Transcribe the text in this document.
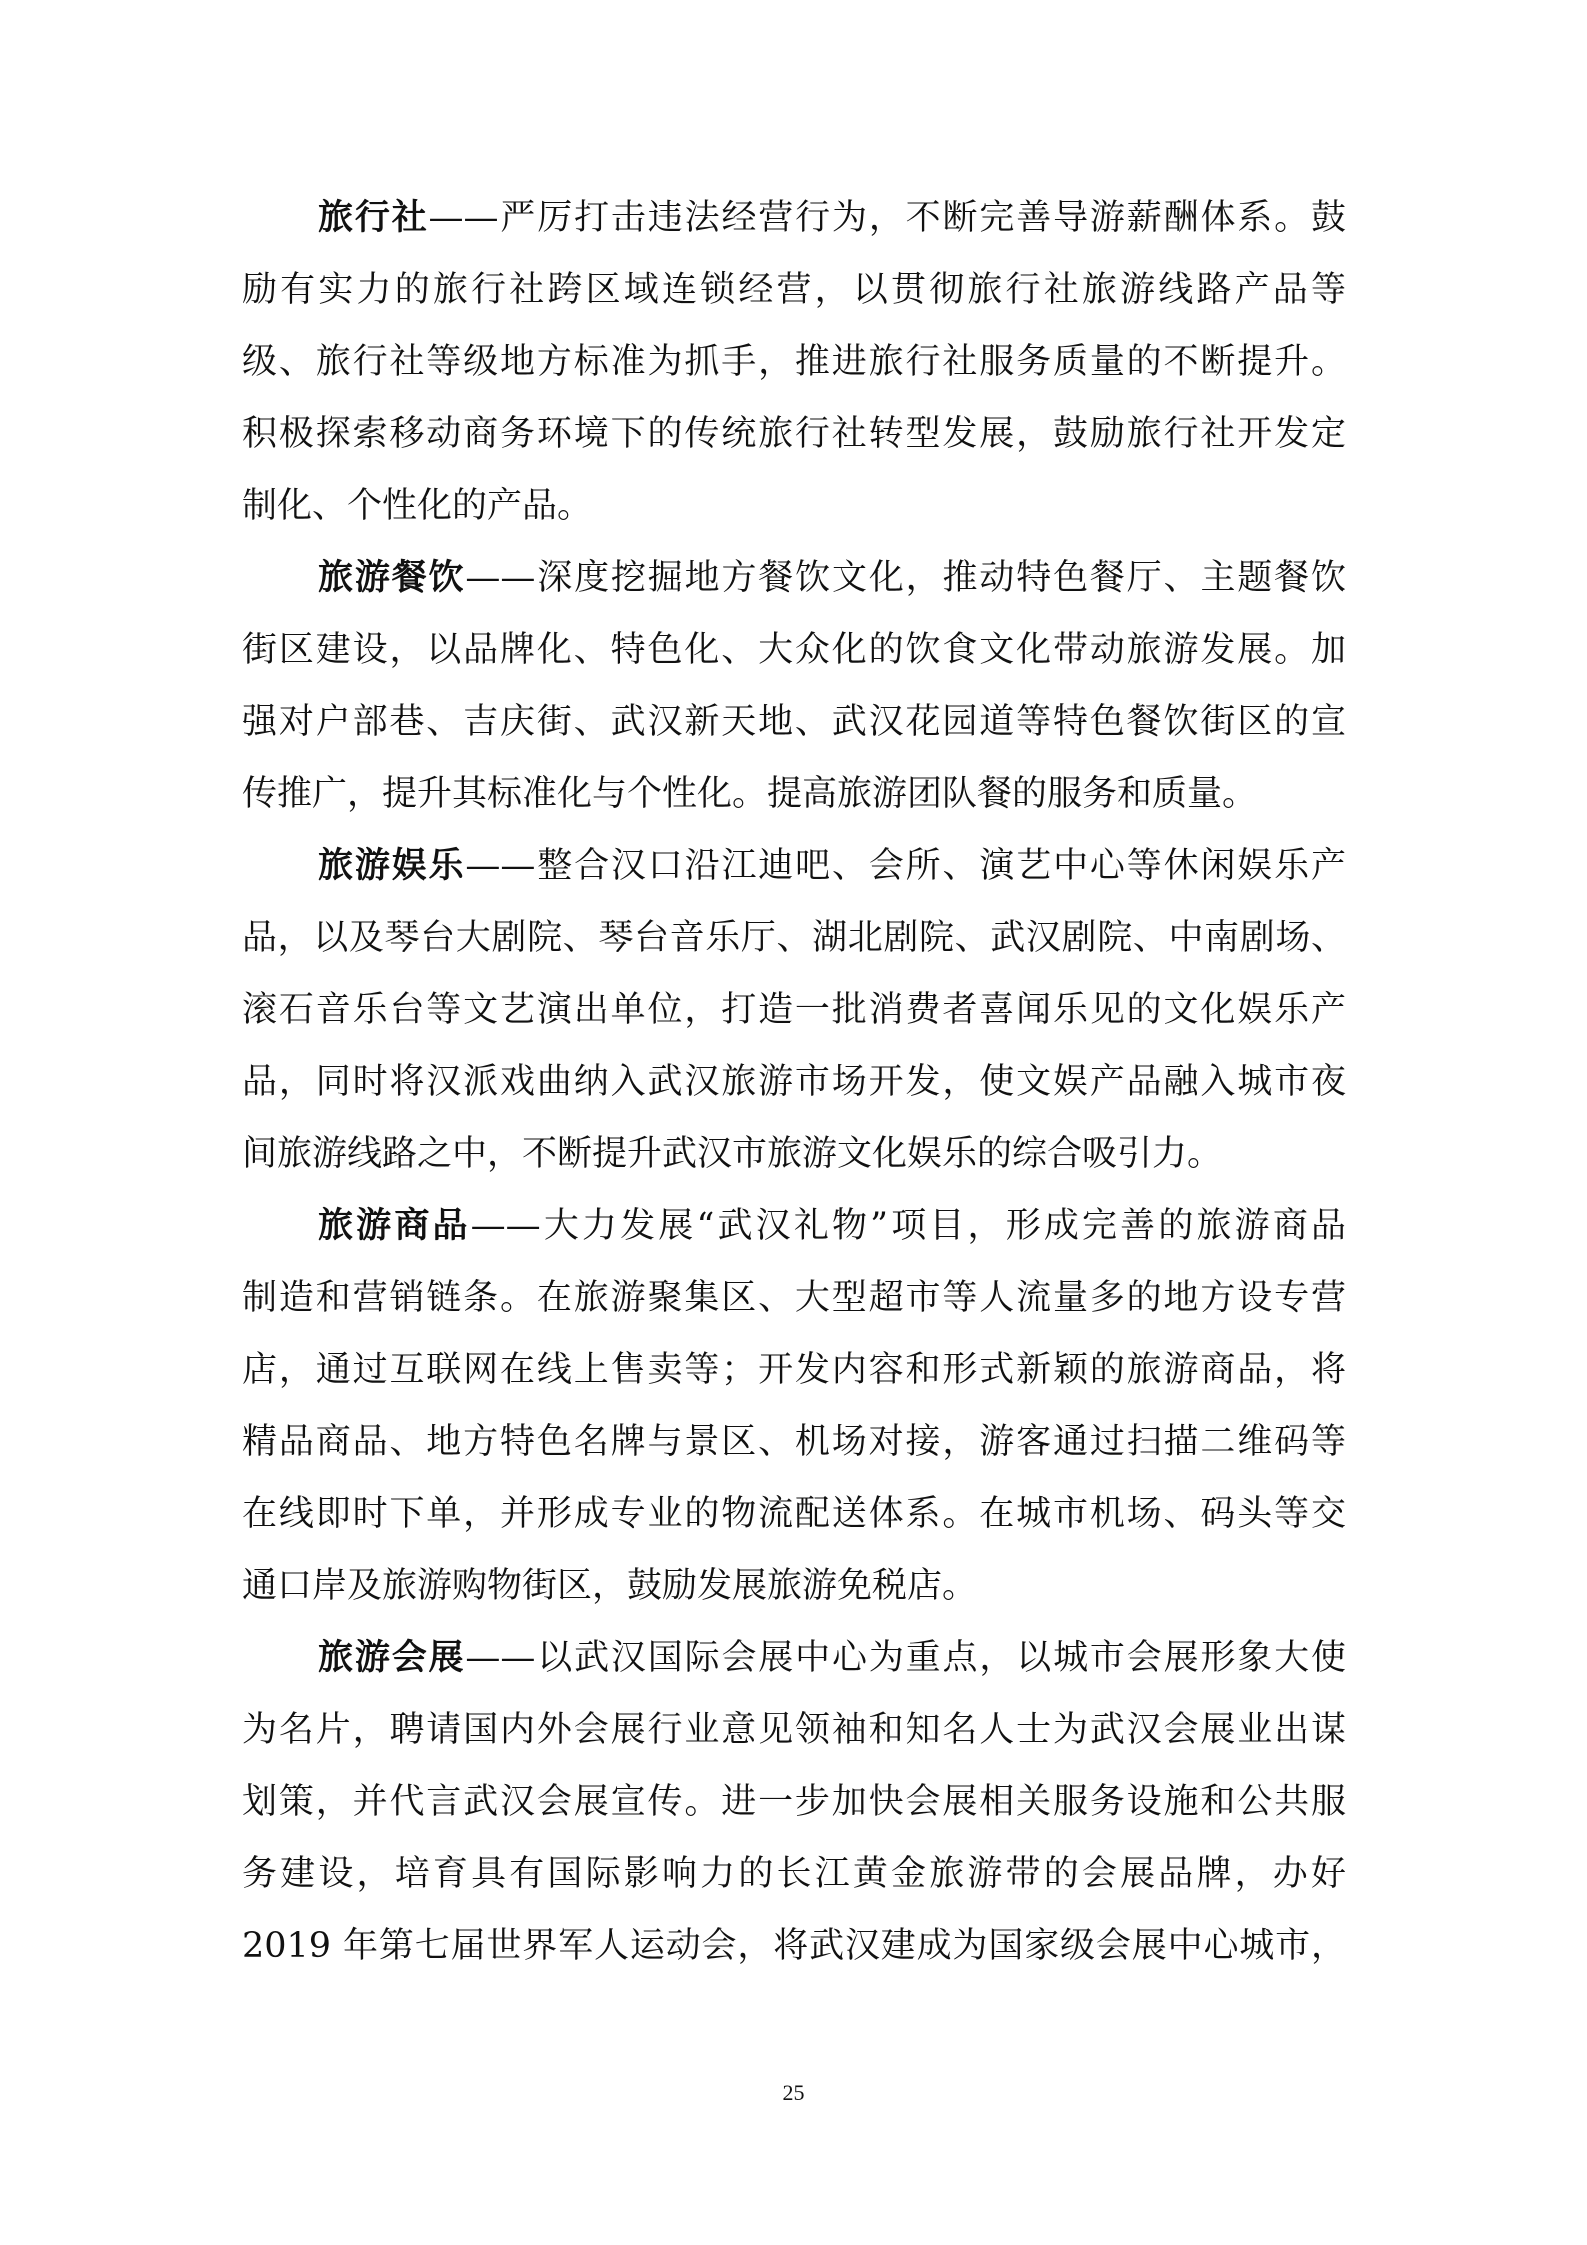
旅行社——严厉打击违法经营行为，不断完善导游薪酬体系。鼓
励有实力的旅行社跨区域连锁经营，以贯彻旅行社旅游线路产品等
级、旅行社等级地方标准为抓手，推进旅行社服务质量的不断提升。
积极探索移动商务环境下的传统旅行社转型发展，鼓励旅行社开发定
制化、个性化的产品。
旅游餐饮——深度挖掘地方餐饮文化，推动特色餐厅、主题餐饮
街区建设，以品牌化、特色化、大众化的饮食文化带动旅游发展。加
强对户部巷、吉庆街、武汉新天地、武汉花园道等特色餐饮街区的宣
传推广，提升其标准化与个性化。提高旅游团队餐的服务和质量。
旅游娱乐——整合汉口沿江迪吧、会所、演艺中心等休闲娱乐产
品，以及琴台大剧院、琴台音乐厅、湖北剧院、武汉剧院、中南剧场、
滚石音乐台等文艺演出单位，打造一批消费者喜闻乐见的文化娱乐产
品，同时将汉派戏曲纳入武汉旅游市场开发，使文娱产品融入城市夜
间旅游线路之中，不断提升武汉市旅游文化娱乐的综合吸引力。
旅游商品——大力发展“武汉礼物”项目，形成完善的旅游商品
制造和营销链条。在旅游聚集区、大型超市等人流量多的地方设专营
店，通过互联网在线上售卖等；开发内容和形式新颖的旅游商品，将
精品商品、地方特色名牌与景区、机场对接，游客通过扫描二维码等
在线即时下单，并形成专业的物流配送体系。在城市机场、码头等交
通口岸及旅游购物街区，鼓励发展旅游免税店。
旅游会展——以武汉国际会展中心为重点，以城市会展形象大使
为名片，聘请国内外会展行业意见领袖和知名人士为武汉会展业出谋
划策，并代言武汉会展宣传。进一步加快会展相关服务设施和公共服
务建设，培育具有国际影响力的长江黄金旅游带的会展品牌，办好
2019 年第七届世界军人运动会，将武汉建成为国家级会展中心城市，
25
